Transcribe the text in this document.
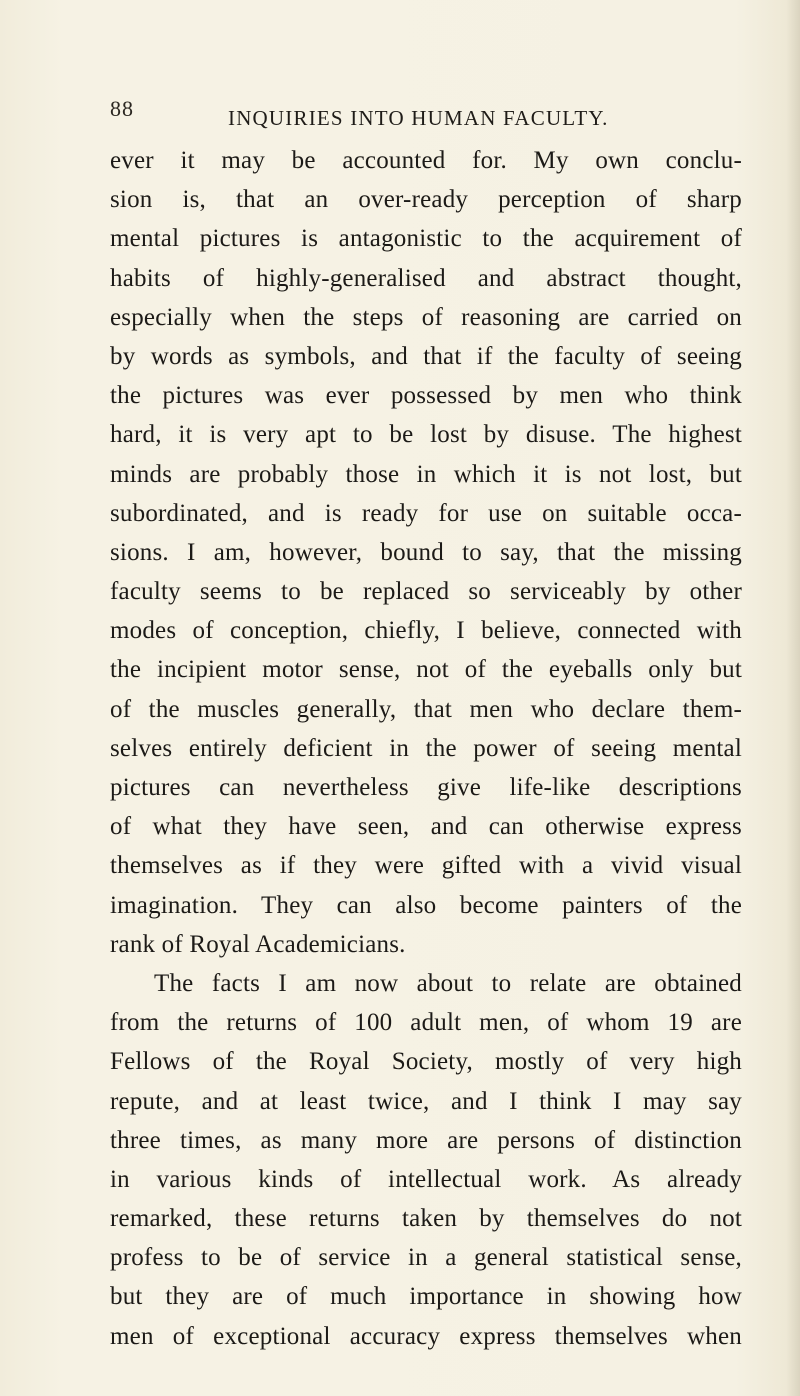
88	INQUIRIES INTO HUMAN FACULTY.
ever it may be accounted for. My own conclu-
sion is, that an over-ready perception of sharp
mental pictures is antagonistic to the acquirement of
habits of highly-generalised and abstract thought,
especially when the steps of reasoning are carried on
by words as symbols, and that if the faculty of seeing
the pictures was ever possessed by men who think
hard, it is very apt to be lost by disuse. The highest
minds are probably those in which it is not lost, but
subordinated, and is ready for use on suitable occa-
sions. I am, however, bound to say, that the missing
faculty seems to be replaced so serviceably by other
modes of conception, chiefly, I believe, connected with
the incipient motor sense, not of the eyeballs only but
of the muscles generally, that men who declare them-
selves entirely deficient in the power of seeing mental
pictures can nevertheless give life-like descriptions
of what they have seen, and can otherwise express
themselves as if they were gifted with a vivid visual
imagination. They can also become painters of the
rank of Royal Academicians.
The facts I am now about to relate are obtained
from the returns of 100 adult men, of whom 19 are
Fellows of the Royal Society, mostly of very high
repute, and at least twice, and I think I may say
three times, as many more are persons of distinction
in various kinds of intellectual work. As already
remarked, these returns taken by themselves do not
profess to be of service in a general statistical sense,
but they are of much importance in showing how
men of exceptional accuracy express themselves when
